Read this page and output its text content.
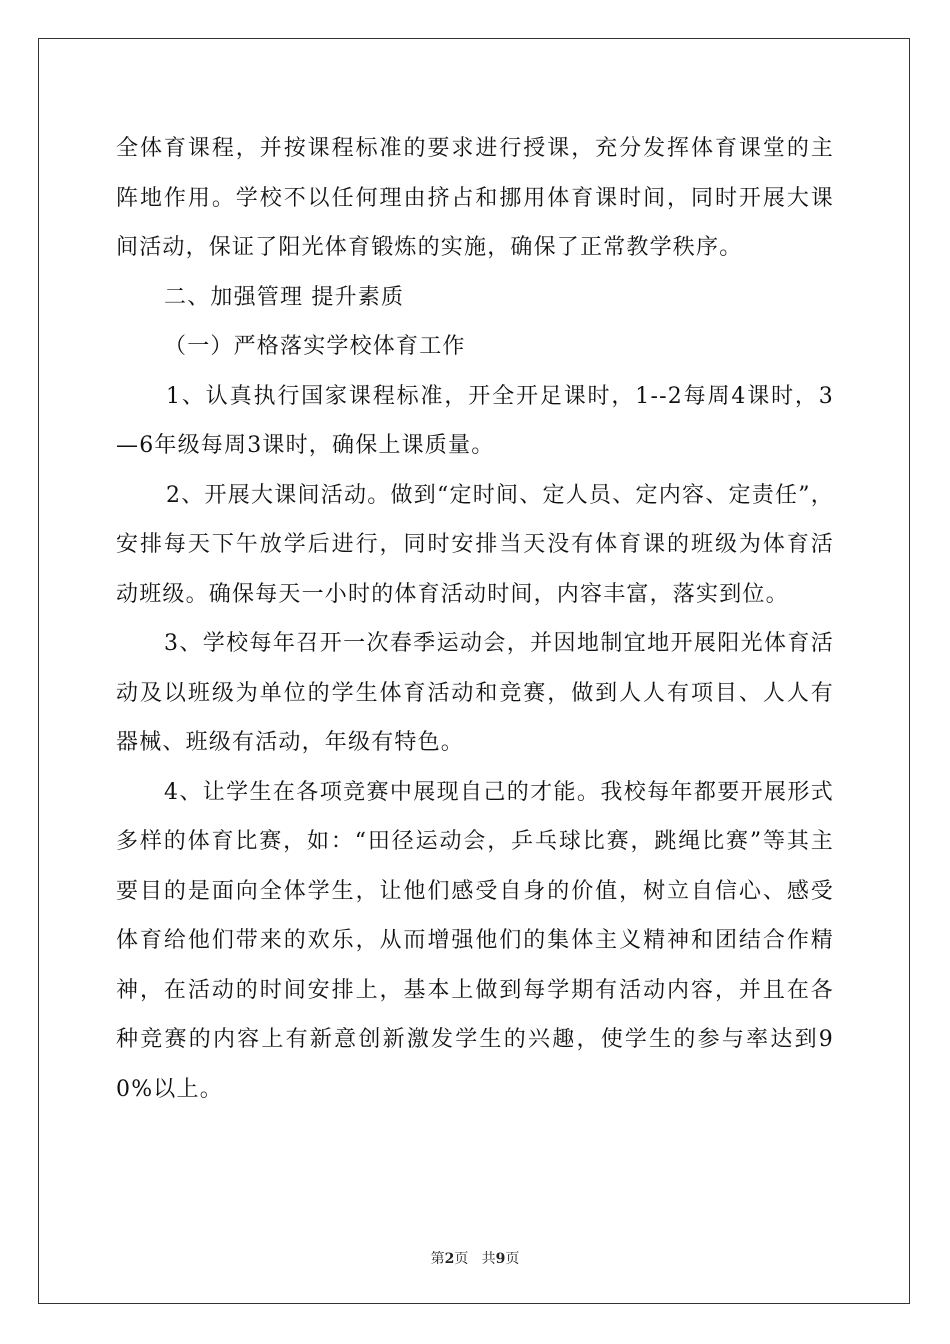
全体育课程，并按课程标准的要求进行授课，充分发挥体育课堂的主阵地作用。学校不以任何理由挤占和挪用体育课时间，同时开展大课间活动，保证了阳光体育锻炼的实施，确保了正常教学秩序。

二、加强管理 提升素质

（一）严格落实学校体育工作

1、认真执行国家课程标准，开全开足课时，1--2每周4课时，3—6年级每周3课时，确保上课质量。

2、开展大课间活动。做到“定时间、定人员、定内容、定责任”，安排每天下午放学后进行，同时安排当天没有体育课的班级为体育活动班级。确保每天一小时的体育活动时间，内容丰富，落实到位。

3、学校每年召开一次春季运动会，并因地制宜地开展阳光体育活动及以班级为单位的学生体育活动和竞赛，做到人人有项目、人人有器械、班级有活动，年级有特色。

4、让学生在各项竞赛中展现自己的才能。我校每年都要开展形式多样的体育比赛，如：“田径运动会，乒乓球比赛，跳绳比赛”等其主要目的是面向全体学生，让他们感受自身的价值，树立自信心、感受体育给他们带来的欢乐，从而增强他们的集体主义精神和团结合作精神，在活动的时间安排上，基本上做到每学期有活动内容，并且在各种竞赛的内容上有新意创新激发学生的兴趣，使学生的参与率达到90%以上。

第2页 共9页
